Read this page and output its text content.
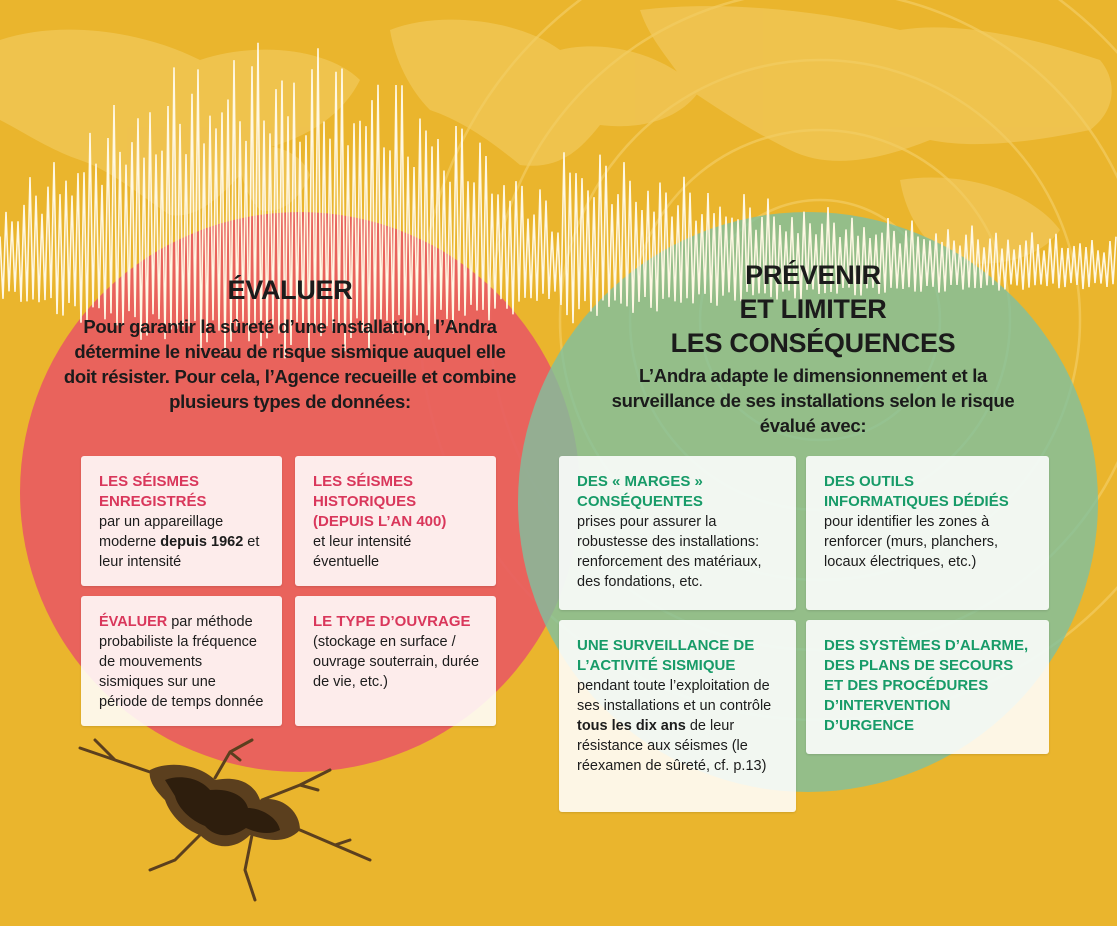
ÉVALUER
Pour garantir la sûreté d’une installation, l’Andra détermine le niveau de risque sismique auquel elle doit résister. Pour cela, l’Agence recueille et combine plusieurs types de données:
LES SÉISMES ENREGISTRÉS
par un appareillage moderne depuis 1962 et leur intensité
LES SÉISMES HISTORIQUES (DEPUIS L’AN 400)
et leur intensité éventuelle
ÉVALUER par méthode probabiliste la fréquence de mouvements sismiques sur une période de temps donnée
LE TYPE D’OUVRAGE
(stockage en surface / ouvrage souterrain, durée de vie, etc.)
PRÉVENIR
ET LIMITER
LES CONSÉQUENCES
L’Andra adapte le dimensionnement et la surveillance de ses installations selon le risque évalué avec:
DES « MARGES » CONSÉQUENTES
prises pour assurer la robustesse des installations: renforcement des matériaux, des fondations, etc.
DES OUTILS INFORMATIQUES DÉDIÉS
pour identifier les zones à renforcer (murs, planchers, locaux électriques, etc.)
UNE SURVEILLANCE DE L’ACTIVITÉ SISMIQUE
pendant toute l’exploitation de ses installations et un contrôle tous les dix ans de leur résistance aux séismes (le réexamen de sûreté, cf. p.13)
DES SYSTÈMES D’ALARME, DES PLANS DE SECOURS ET DES PROCÉDURES D’INTERVENTION D’URGENCE
